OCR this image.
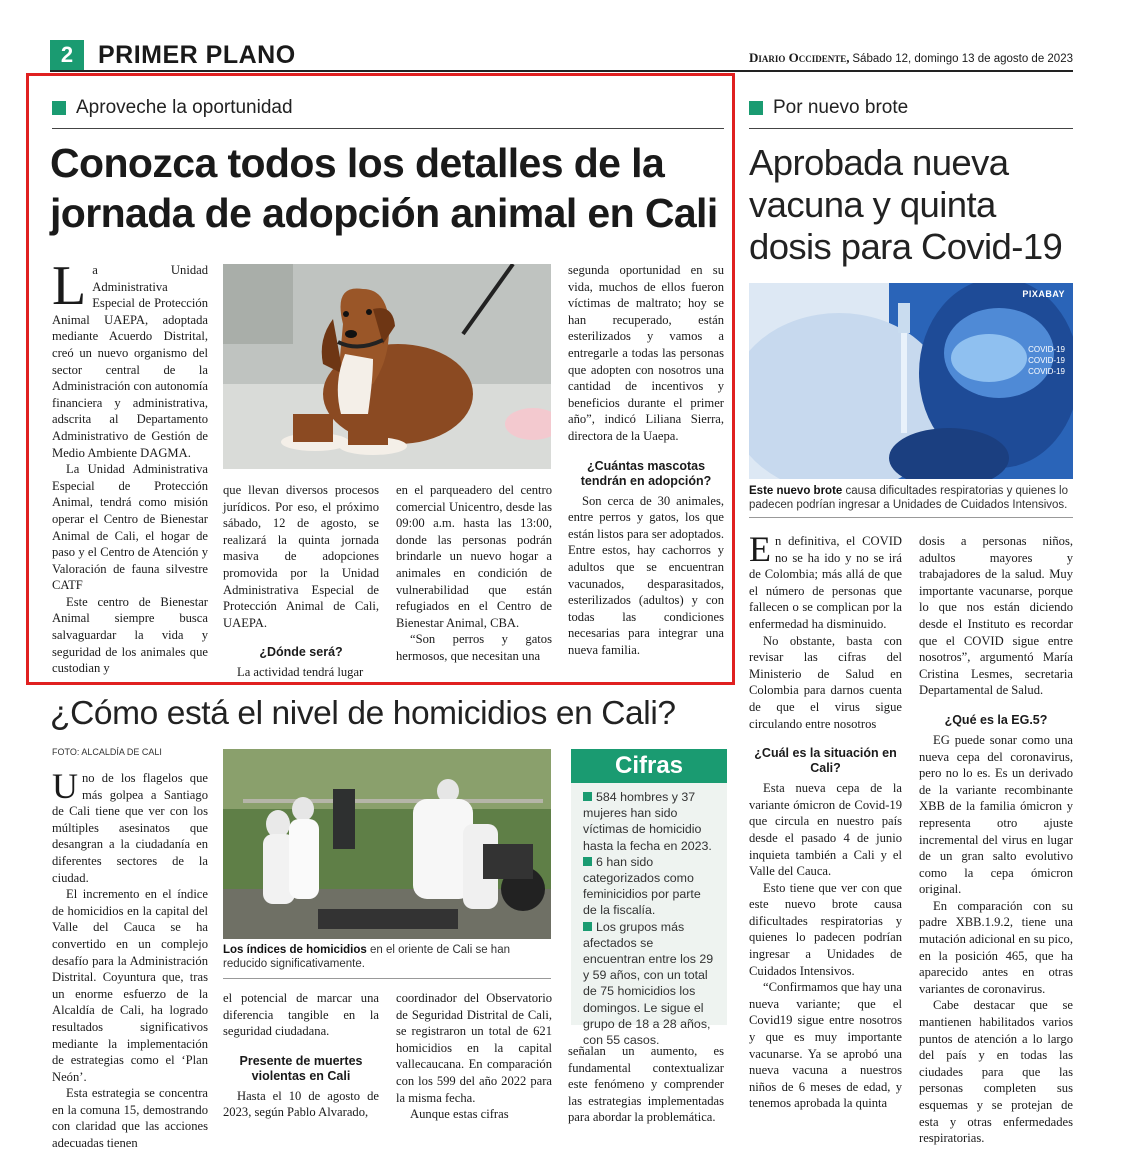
2 PRIMER PLANO	Diario Occidente, Sábado 12, domingo 13 de agosto de 2023
Aproveche la oportunidad
Conozca todos los detalles de la jornada de adopción animal en Cali

La Unidad Administrativa Especial de Protección Animal UAEPA, adoptada mediante Acuerdo Distrital, creó un nuevo organismo del sector central de la Administración con autonomía financiera y administrativa, adscrita al Departamento Administrativo de Gestión de Medio Ambiente DAGMA.

La Unidad Administrativa Especial de Protección Animal, tendrá como misión operar el Centro de Bienestar Animal de Cali, el hogar de paso y el Centro de Atención y Valoración de fauna silvestre CATF

Este centro de Bienestar Animal siempre busca salvaguardar la vida y seguridad de los animales que custodian y

que llevan diversos procesos jurídicos. Por eso, el próximo sábado, 12 de agosto, se realizará la quinta jornada masiva de adopciones promovida por la Unidad Administrativa Especial de Protección Animal de Cali, UAEPA.

¿Dónde será?

La actividad tendrá lugar

en el parqueadero del centro comercial Unicentro, desde las 09:00 a.m. hasta las 13:00, donde las personas podrán brindarle un nuevo hogar a animales en condición de vulnerabilidad que están refugiados en el Centro de Bienestar Animal, CBA.

“Son perros y gatos hermosos, que necesitan una

segunda oportunidad en su vida, muchos de ellos fueron víctimas de maltrato; hoy se han recuperado, están esterilizados y vamos a entregarle a todas las personas que adopten con nosotros una cantidad de incentivos y beneficios durante el primer año”, indicó Liliana Sierra, directora de la Uaepa.

¿Cuántas mascotas tendrán en adopción?

Son cerca de 30 animales, entre perros y gatos, los que están listos para ser adoptados. Entre estos, hay cachorros y adultos que se encuentran vacunados, desparasitados, esterilizados (adultos) y con todas las condiciones necesarias para integrar una nueva familia.

Por nuevo brote
Aprobada nueva vacuna y quinta dosis para Covid-19
PIXABAY
COVID-19
COVID-19
COVID-19
Este nuevo brote causa dificultades respiratorias y quienes lo padecen podrían ingresar a Unidades de Cuidados Intensivos.

En definitiva, el COVID no se ha ido y no se irá de Colombia; más allá de que el número de personas que fallecen o se complican por la enfermedad ha disminuido.

No obstante, basta con revisar las cifras del Ministerio de Salud en Colombia para darnos cuenta de que el virus sigue circulando entre nosotros

¿Cuál es la situación en Cali?

Esta nueva cepa de la variante ómicron de Covid-19 que circula en nuestro país desde el pasado 4 de junio inquieta también a Cali y el Valle del Cauca.

Esto tiene que ver con que este nuevo brote causa dificultades respiratorias y quienes lo padecen podrían ingresar a Unidades de Cuidados Intensivos.

“Confirmamos que hay una nueva variante; que el Covid19 sigue entre nosotros y que es muy importante vacunarse. Ya se aprobó una nueva vacuna a nuestros niños de 6 meses de edad, y tenemos aprobada la quinta

dosis a personas niños, adultos mayores y trabajadores de la salud. Muy importante vacunarse, porque lo que nos están diciendo desde el Instituto es recordar que el COVID sigue entre nosotros”, argumentó María Cristina Lesmes, secretaria Departamental de Salud.

¿Qué es la EG.5?

EG puede sonar como una nueva cepa del coronavirus, pero no lo es. Es un derivado de la variante recombinante XBB de la familia ómicron y representa otro ajuste incremental del virus en lugar de un gran salto evolutivo como la cepa ómicron original.

En comparación con su padre XBB.1.9.2, tiene una mutación adicional en su pico, en la posición 465, que ha aparecido antes en otras variantes de coronavirus.

Cabe destacar que se mantienen habilitados varios puntos de atención a lo largo del país y en todas las ciudades para que las personas completen sus esquemas y se protejan de esta y otras enfermedades respiratorias.

¿Cómo está el nivel de homicidios en Cali?
FOTO: ALCALDÍA DE CALI

Uno de los flagelos que más golpea a Santiago de Cali tiene que ver con los múltiples asesinatos que desangran a la ciudadanía en diferentes sectores de la ciudad.

El incremento en el índice de homicidios en la capital del Valle del Cauca se ha convertido en un complejo desafío para la Administración Distrital. Coyuntura que, tras un enorme esfuerzo de la Alcaldía de Cali, ha logrado resultados significativos mediante la implementación de estrategias como el ‘Plan Neón’.

Esta estrategia se concentra en la comuna 15, demostrando con claridad que las acciones adecuadas tienen

Los índices de homicidios en el oriente de Cali se han reducido significativamente.

el potencial de marcar una diferencia tangible en la seguridad ciudadana.

Presente de muertes violentas en Cali

Hasta el 10 de agosto de 2023, según Pablo Alvarado,

coordinador del Observatorio de Seguridad Distrital de Cali, se registraron un total de 621 homicidios en la capital vallecaucana. En comparación con los 599 del año 2022 para la misma fecha.

Aunque estas cifras

Cifras
584 hombres y 37 mujeres han sido víctimas de homicidio hasta la fecha en 2023.
6 han sido categorizados como feminicidios por parte de la fiscalía.
Los grupos más afectados se encuentran entre los 29 y 59 años, con un total de 75 homicidios los domingos. Le sigue el grupo de 18 a 28 años, con 55 casos.

señalan un aumento, es fundamental contextualizar este fenómeno y comprender las estrategias implementadas para abordar la problemática.
